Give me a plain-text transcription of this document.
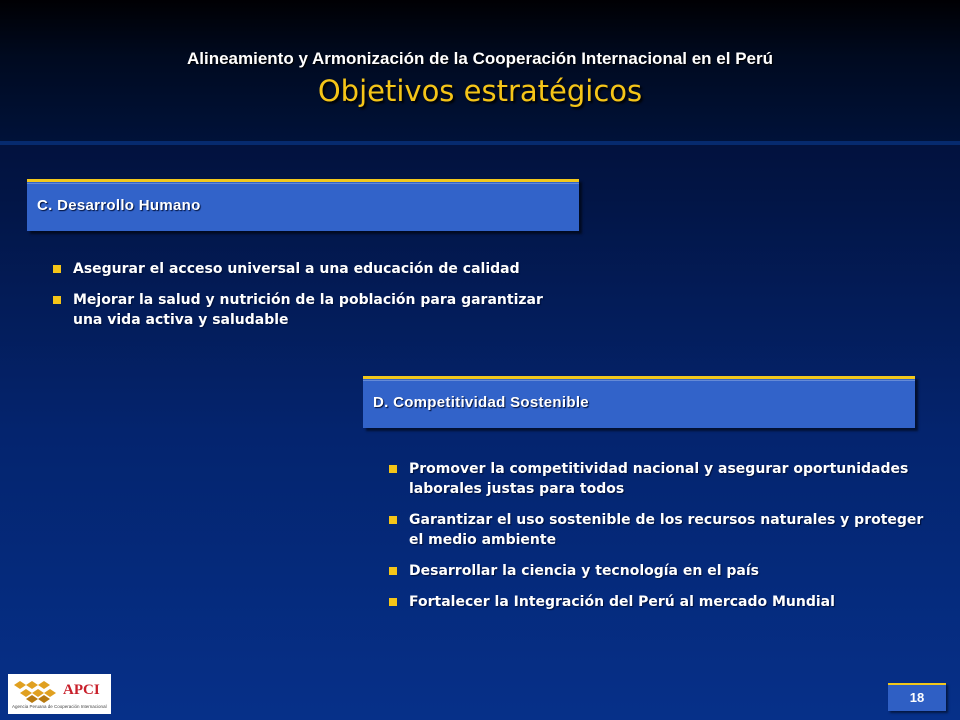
Alineamiento y Armonización de la Cooperación Internacional en el Perú
Objetivos estratégicos
C. Desarrollo Humano
Asegurar el acceso universal a una educación de calidad
Mejorar la salud y nutrición de la población para garantizar una vida activa y saludable
D. Competitividad Sostenible
Promover la competitividad nacional y asegurar oportunidades laborales justas para todos
Garantizar el uso sostenible de los recursos naturales y proteger el medio ambiente
Desarrollar la ciencia y tecnología en el país
Fortalecer la Integración del Perú al mercado Mundial
APCI
Agencia Peruana de Cooperación Internacional
18
